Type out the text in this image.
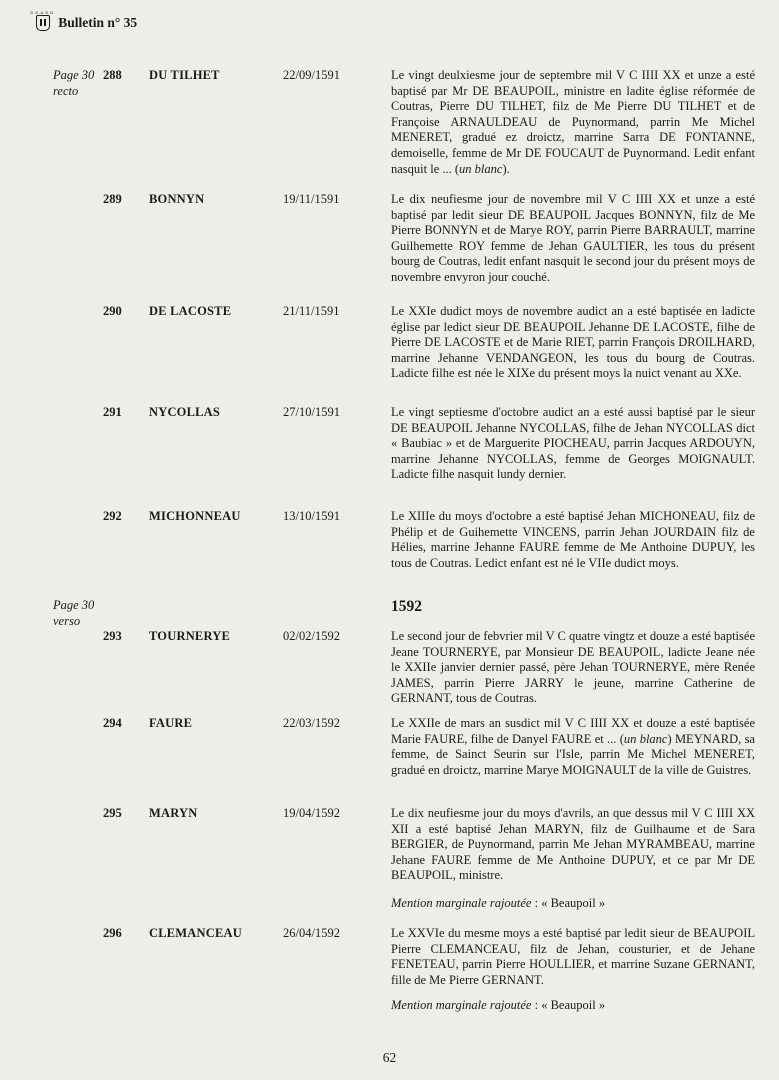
G.G.A.S.G.
Bulletin n° 35
Page 30 recto
288 DU TILHET	22/09/1591	Le vingt deulxiesme jour de septembre mil V C IIII XX et unze a esté baptisé par Mr DE BEAUPOIL, ministre en ladite église réformée de Coutras, Pierre DU TILHET, filz de Me Pierre DU TILHET et de Françoise ARNAULDEAU de Puynormand, parrin Me Michel MENERET, gradué ez droictz, marrine Sarra DE FONTANNE, demoiselle, femme de Mr DE FOUCAUT de Puynormand. Ledit enfant nasquit le ... (un blanc).
289 BONNYN	19/11/1591	Le dix neufiesme jour de novembre mil V C IIII XX et unze a esté baptisé par ledit sieur DE BEAUPOIL Jacques BONNYN, filz de Me Pierre BONNYN et de Marye ROY, parrin Pierre BARRAULT, marrine Guilhemette ROY femme de Jehan GAULTIER, les tous du présent bourg de Coutras, ledit enfant nasquit le second jour du présent moys de novembre envyron jour couché.
290 DE LACOSTE	21/11/1591	Le XXIe dudict moys de novembre audict an a esté baptisée en ladicte église par ledict sieur DE BEAUPOIL Jehanne DE LACOSTE, filhe de Pierre DE LACOSTE et de Marie RIET, parrin François DROILHARD, marrine Jehanne VENDANGEON, les tous du bourg de Coutras. Ladicte filhe est née le XIXe du présent moys la nuict venant au XXe.
291 NYCOLLAS	27/10/1591	Le vingt septiesme d'octobre audict an a esté aussi baptisé par le sieur DE BEAUPOIL Jehanne NYCOLLAS, filhe de Jehan NYCOLLAS dict « Baubiac » et de Marguerite PIOCHEAU, parrin Jacques ARDOUYN, marrine Jehanne NYCOLLAS, femme de Georges MOIGNAULT. Ladicte filhe nasquit lundy dernier.
292 MICHONNEAU	13/10/1591	Le XIIIe du moys d'octobre a esté baptisé Jehan MICHONEAU, filz de Phélip et de Guihemette VINCENS, parrin Jehan JOURDAIN filz de Hélies, marrine Jehanne FAURE femme de Me Anthoine DUPUY, les tous de Coutras. Ledict enfant est né le VIIe dudict moys.
Page 30 verso
1592
293 TOURNERYE	02/02/1592	Le second jour de febvrier mil V C quatre vingtz et douze a esté baptisée Jeane TOURNERYE, par Monsieur DE BEAUPOIL, ladicte Jeane née le XXIIe janvier dernier passé, père Jehan TOURNERYE, mère Renée JAMES, parrin Pierre JARRY le jeune, marrine Catherine de GERNANT, tous de Coutras.
294 FAURE	22/03/1592	Le XXIIe de mars an susdict mil V C IIII XX et douze a esté baptisée Marie FAURE, filhe de Danyel FAURE et ... (un blanc) MEYNARD, sa femme, de Sainct Seurin sur l'Isle, parrin Me Michel MENERET, gradué en droictz, marrine Marye MOIGNAULT de la ville de Guistres.
295 MARYN	19/04/1592	Le dix neufiesme jour du moys d'avrils, an que dessus mil V C IIII XX XII a esté baptisé Jehan MARYN, filz de Guilhaume et de Sara BERGIER, de Puynormand, parrin Me Jehan MYRAMBEAU, marrine Jehane FAURE femme de Me Anthoine DUPUY, et ce par Mr DE BEAUPOIL, ministre.
Mention marginale rajoutée : « Beaupoil »
296 CLEMANCEAU	26/04/1592	Le XXVIe du mesme moys a esté baptisé par ledit sieur de BEAUPOIL Pierre CLEMANCEAU, filz de Jehan, cousturier, et de Jehane FENETEAU, parrin Pierre HOULLIER, et marrine Suzane GERNANT, fille de Me Pierre GERNANT.
Mention marginale rajoutée : « Beaupoil »
62
